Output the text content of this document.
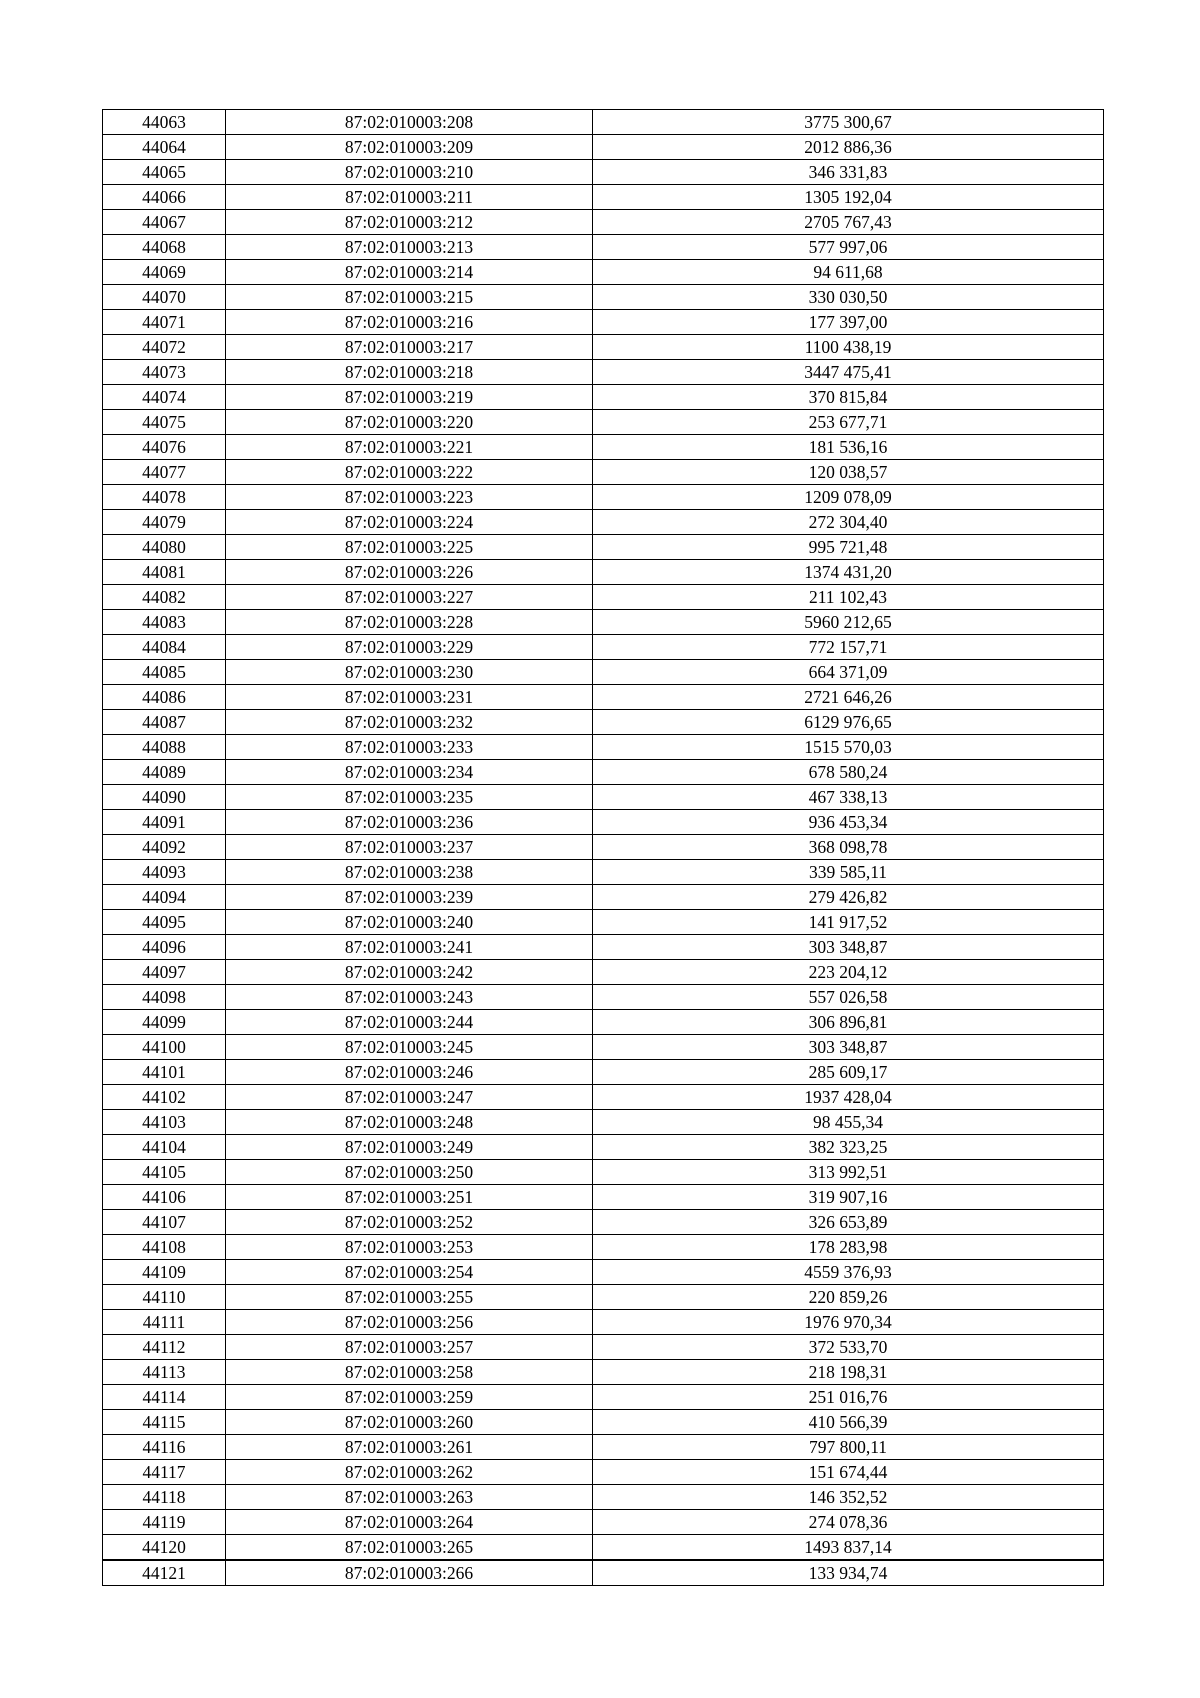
44063	87:02:010003:208	3775 300,67
44064	87:02:010003:209	2012 886,36
44065	87:02:010003:210	346 331,83
44066	87:02:010003:211	1305 192,04
44067	87:02:010003:212	2705 767,43
44068	87:02:010003:213	577 997,06
44069	87:02:010003:214	94 611,68
44070	87:02:010003:215	330 030,50
44071	87:02:010003:216	177 397,00
44072	87:02:010003:217	1100 438,19
44073	87:02:010003:218	3447 475,41
44074	87:02:010003:219	370 815,84
44075	87:02:010003:220	253 677,71
44076	87:02:010003:221	181 536,16
44077	87:02:010003:222	120 038,57
44078	87:02:010003:223	1209 078,09
44079	87:02:010003:224	272 304,40
44080	87:02:010003:225	995 721,48
44081	87:02:010003:226	1374 431,20
44082	87:02:010003:227	211 102,43
44083	87:02:010003:228	5960 212,65
44084	87:02:010003:229	772 157,71
44085	87:02:010003:230	664 371,09
44086	87:02:010003:231	2721 646,26
44087	87:02:010003:232	6129 976,65
44088	87:02:010003:233	1515 570,03
44089	87:02:010003:234	678 580,24
44090	87:02:010003:235	467 338,13
44091	87:02:010003:236	936 453,34
44092	87:02:010003:237	368 098,78
44093	87:02:010003:238	339 585,11
44094	87:02:010003:239	279 426,82
44095	87:02:010003:240	141 917,52
44096	87:02:010003:241	303 348,87
44097	87:02:010003:242	223 204,12
44098	87:02:010003:243	557 026,58
44099	87:02:010003:244	306 896,81
44100	87:02:010003:245	303 348,87
44101	87:02:010003:246	285 609,17
44102	87:02:010003:247	1937 428,04
44103	87:02:010003:248	98 455,34
44104	87:02:010003:249	382 323,25
44105	87:02:010003:250	313 992,51
44106	87:02:010003:251	319 907,16
44107	87:02:010003:252	326 653,89
44108	87:02:010003:253	178 283,98
44109	87:02:010003:254	4559 376,93
44110	87:02:010003:255	220 859,26
44111	87:02:010003:256	1976 970,34
44112	87:02:010003:257	372 533,70
44113	87:02:010003:258	218 198,31
44114	87:02:010003:259	251 016,76
44115	87:02:010003:260	410 566,39
44116	87:02:010003:261	797 800,11
44117	87:02:010003:262	151 674,44
44118	87:02:010003:263	146 352,52
44119	87:02:010003:264	274 078,36
44120	87:02:010003:265	1493 837,14
44121	87:02:010003:266	133 934,74
